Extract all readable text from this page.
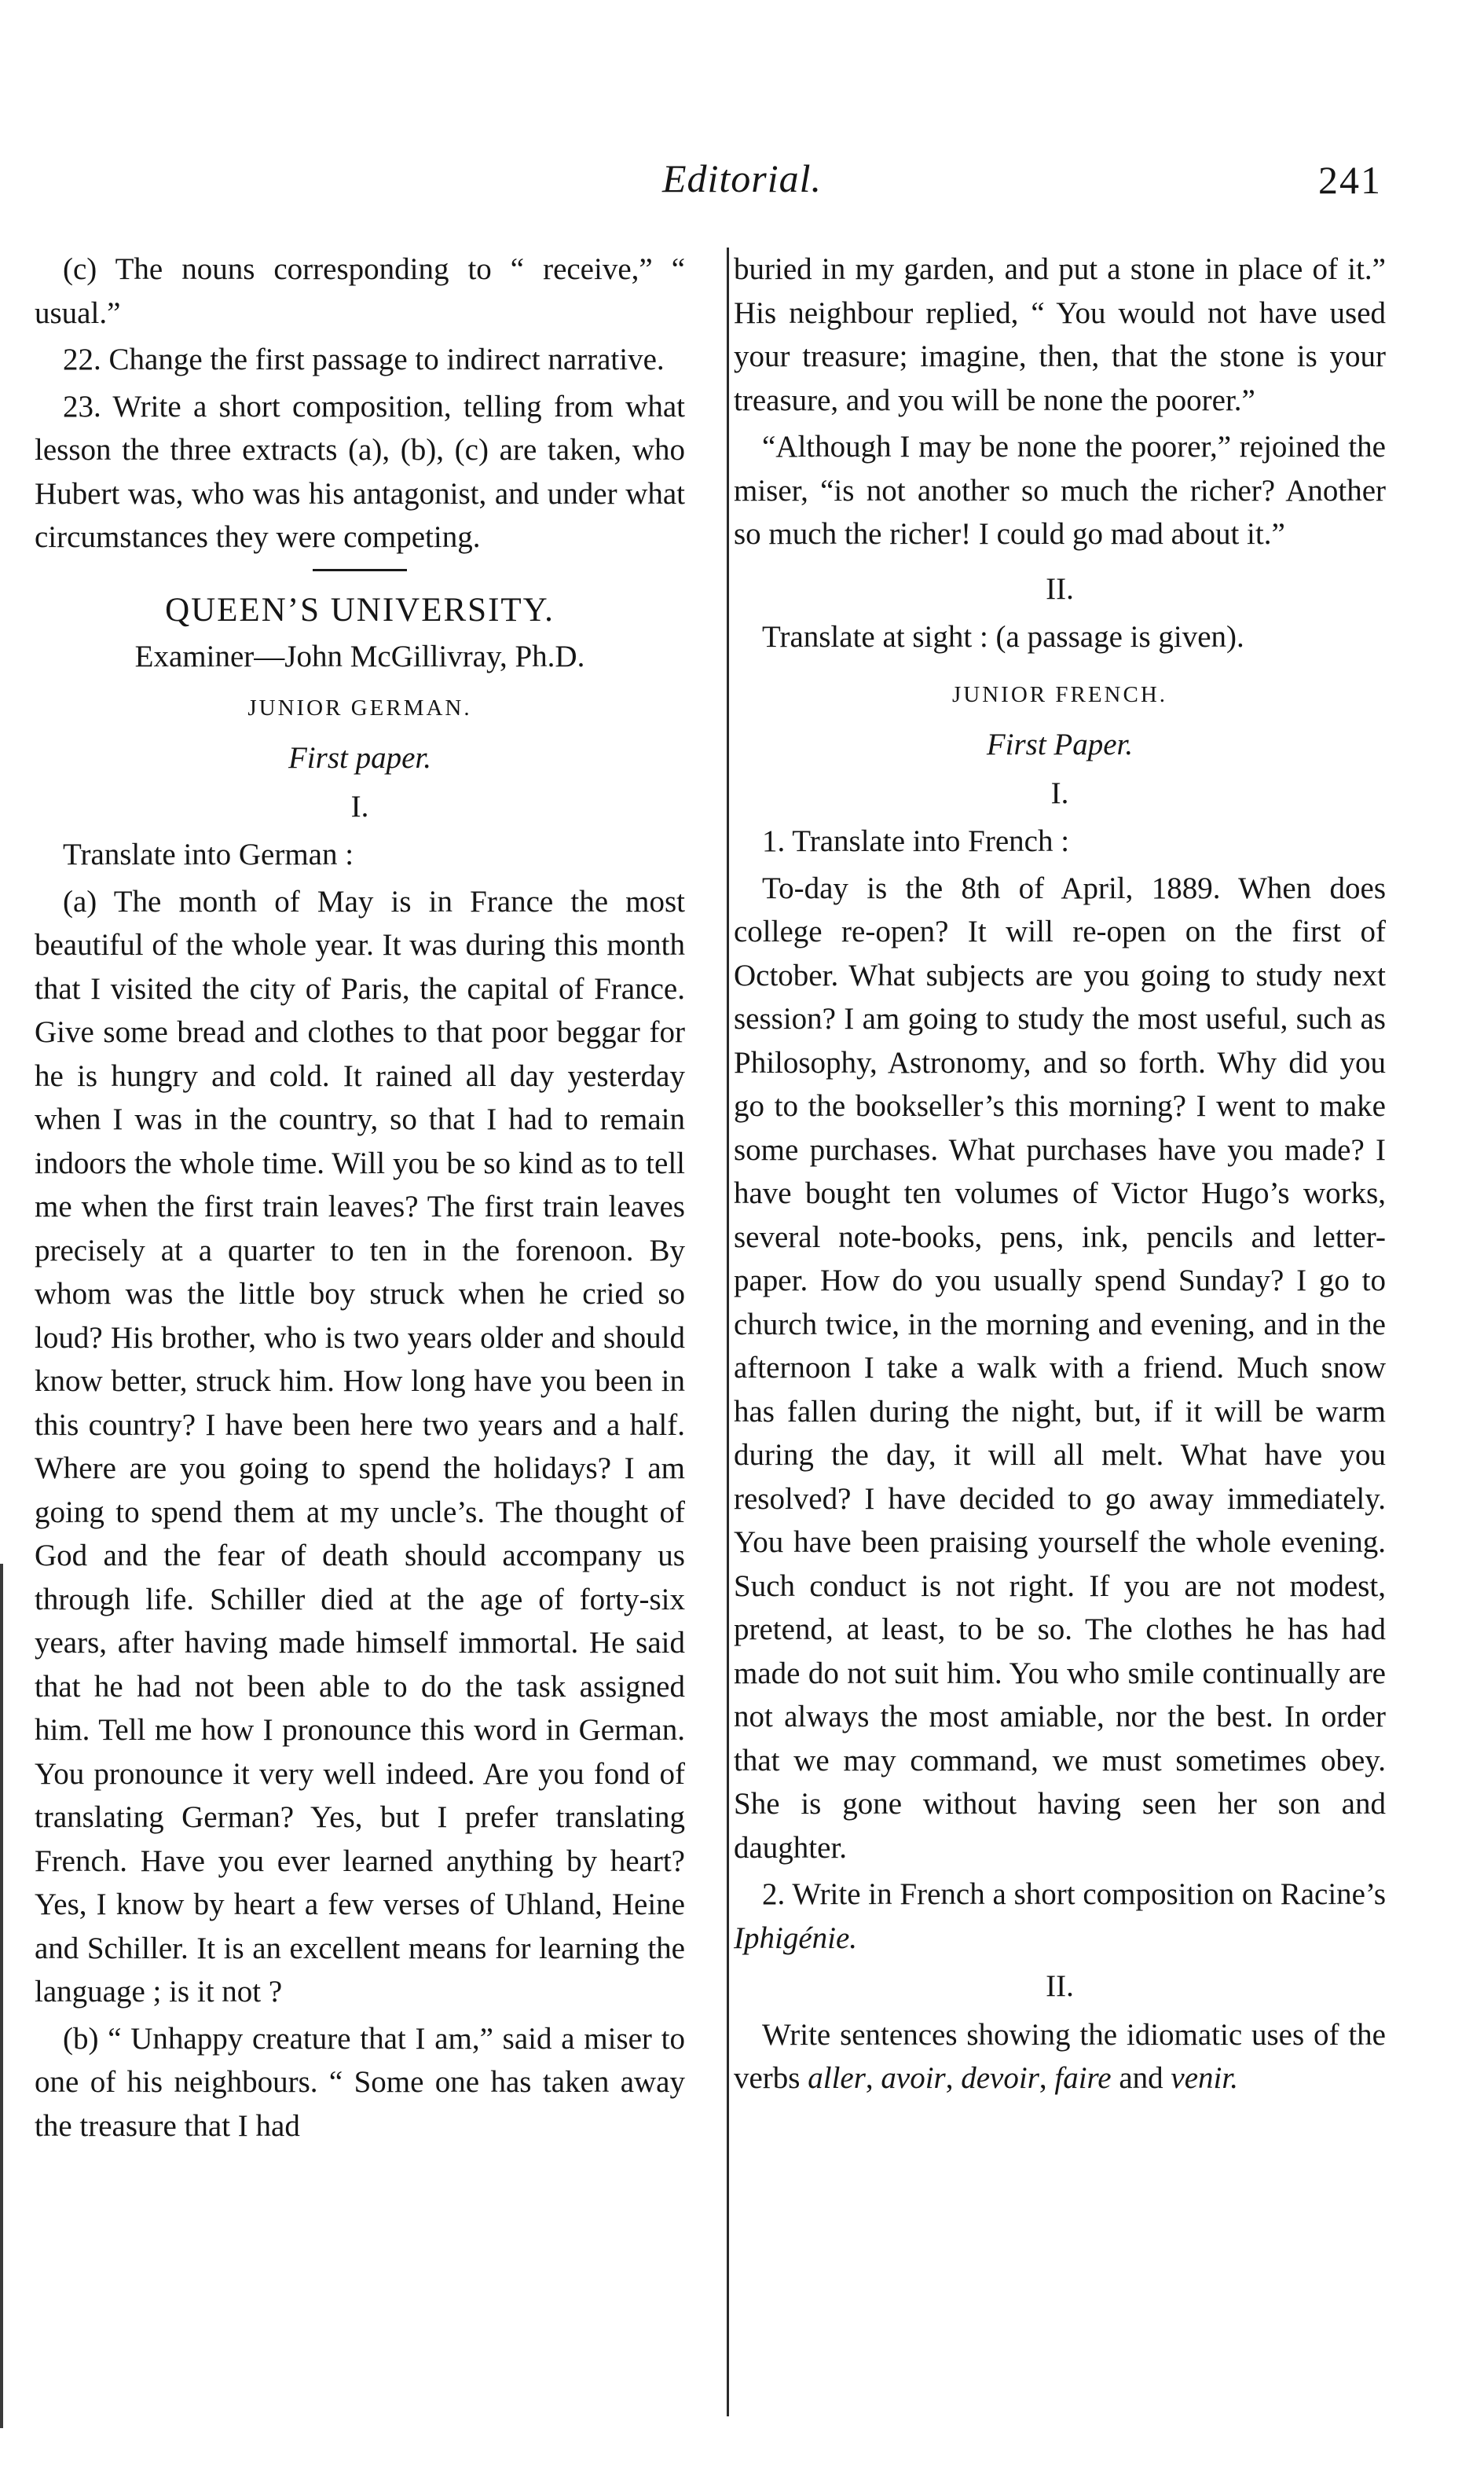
Editorial.	241

(c) The nouns corresponding to “ receive,” “ usual.”

22. Change the first passage to indirect narrative.

23. Write a short composition, telling from what lesson the three extracts (a), (b), (c) are taken, who Hubert was, who was his antagonist, and under what circumstances they were competing.

QUEEN’S UNIVERSITY.

Examiner—John McGillivray, Ph.D.

JUNIOR GERMAN.

First paper.

I.

Translate into German :

(a) The month of May is in France the most beautiful of the whole year. It was during this month that I visited the city of Paris, the capital of France. Give some bread and clothes to that poor beggar for he is hungry and cold. It rained all day yesterday when I was in the country, so that I had to remain indoors the whole time. Will you be so kind as to tell me when the first train leaves? The first train leaves precisely at a quarter to ten in the forenoon. By whom was the little boy struck when he cried so loud? His brother, who is two years older and should know better, struck him. How long have you been in this country? I have been here two years and a half. Where are you going to spend the holidays? I am going to spend them at my uncle’s. The thought of God and the fear of death should accompany us through life. Schiller died at the age of forty-six years, after having made himself immortal. He said that he had not been able to do the task assigned him. Tell me how I pronounce this word in German. You pronounce it very well indeed. Are you fond of translating German? Yes, but I prefer translating French. Have you ever learned anything by heart? Yes, I know by heart a few verses of Uhland, Heine and Schiller. It is an excellent means for learning the language ; is it not ?

(b) “ Unhappy creature that I am,” said a miser to one of his neighbours. “ Some one has taken away the treasure that I had

buried in my garden, and put a stone in place of it.” His neighbour replied, “ You would not have used your treasure; imagine, then, that the stone is your treasure, and you will be none the poorer.”

“Although I may be none the poorer,” rejoined the miser, “is not another so much the richer? Another so much the richer! I could go mad about it.”

II.

Translate at sight : (a passage is given).

JUNIOR FRENCH.

First Paper.

I.

1. Translate into French :

To-day is the 8th of April, 1889. When does college re-open? It will re-open on the first of October. What subjects are you going to study next session? I am going to study the most useful, such as Philosophy, Astronomy, and so forth. Why did you go to the bookseller’s this morning? I went to make some purchases. What purchases have you made? I have bought ten volumes of Victor Hugo’s works, several note-books, pens, ink, pencils and letter-paper. How do you usually spend Sunday? I go to church twice, in the morning and evening, and in the afternoon I take a walk with a friend. Much snow has fallen during the night, but, if it will be warm during the day, it will all melt. What have you resolved? I have decided to go away immediately. You have been praising yourself the whole evening. Such conduct is not right. If you are not modest, pretend, at least, to be so. The clothes he has had made do not suit him. You who smile continually are not always the most amiable, nor the best. In order that we may command, we must sometimes obey. She is gone without having seen her son and daughter.

2. Write in French a short composition on Racine’s Iphigénie.

II.

Write sentences showing the idiomatic uses of the verbs aller, avoir, devoir, faire and venir.
